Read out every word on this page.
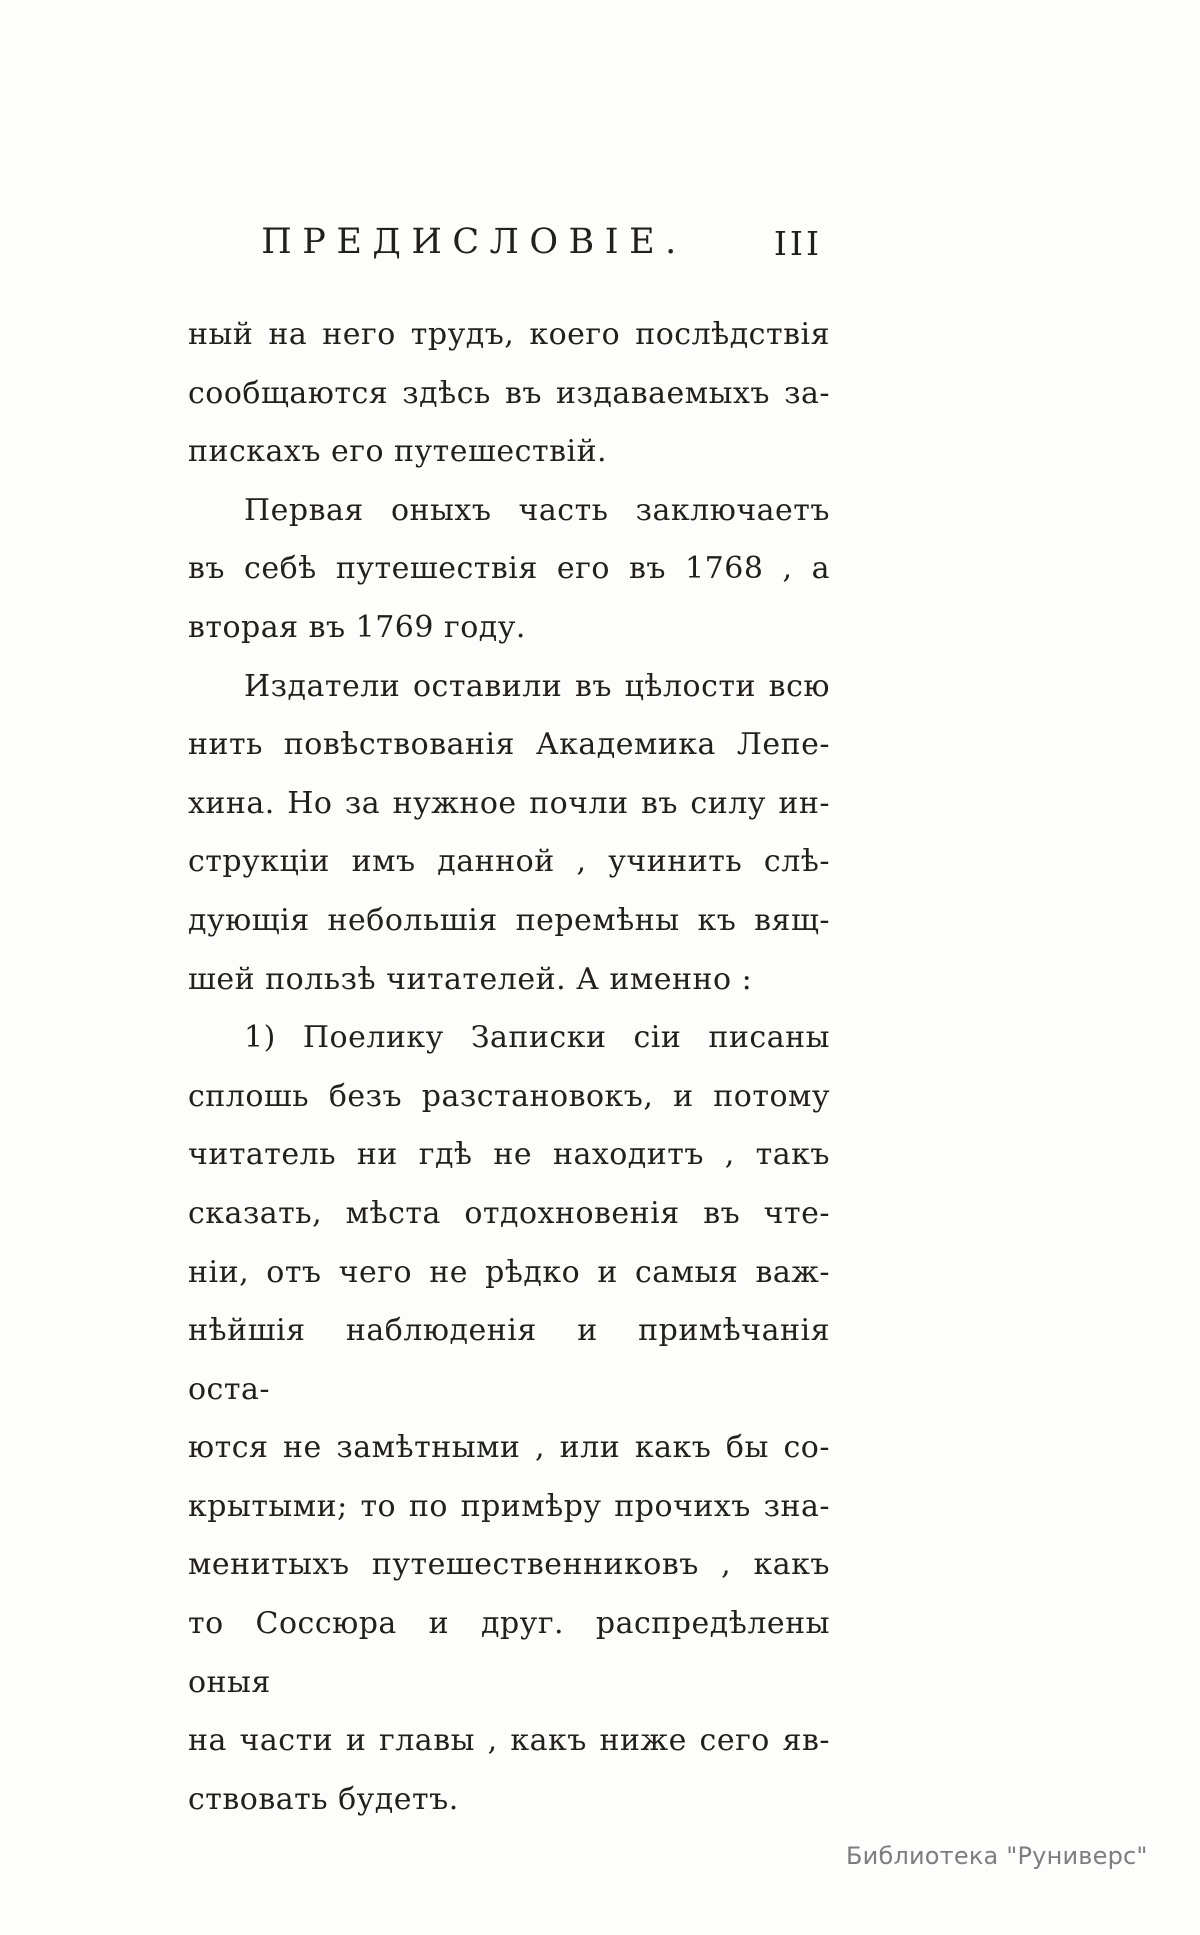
ПРЕДИСЛОВІЕ.	III
ный на него трудъ, коего послѣдствія
сообщаются здѣсь въ издаваемыхъ за-
пискахъ его путешествій.
Первая оныхъ часть заключаетъ
въ себѣ путешествія его въ 1768 , а
вторая въ 1769 году.
Издатели оставили въ цѣлости всю
нить повѣствованія Академика Лепе-
хина. Но за нужное почли въ силу ин-
струкціи имъ данной , учинить слѣ-
дующія небольшія перемѣны къ вящ-
шей пользѣ читателей. А именно :
1) Поелику Записки сіи писаны
сплошь безъ разстановокъ, и потому
читатель ни гдѣ не находитъ , такъ
сказать, мѣста отдохновенія въ чте-
ніи, отъ чего не рѣдко и самыя важ-
нѣйшія наблюденія и примѣчанія оста-
ются не замѣтными , или какъ бы со-
крытыми; то по примѣру прочихъ зна-
менитыхъ путешественниковъ , какъ
то Соссюра и друг. распредѣлены оныя
на части и главы , какъ ниже сего яв-
ствовать будетъ.
Библиотека "Руниверс"
